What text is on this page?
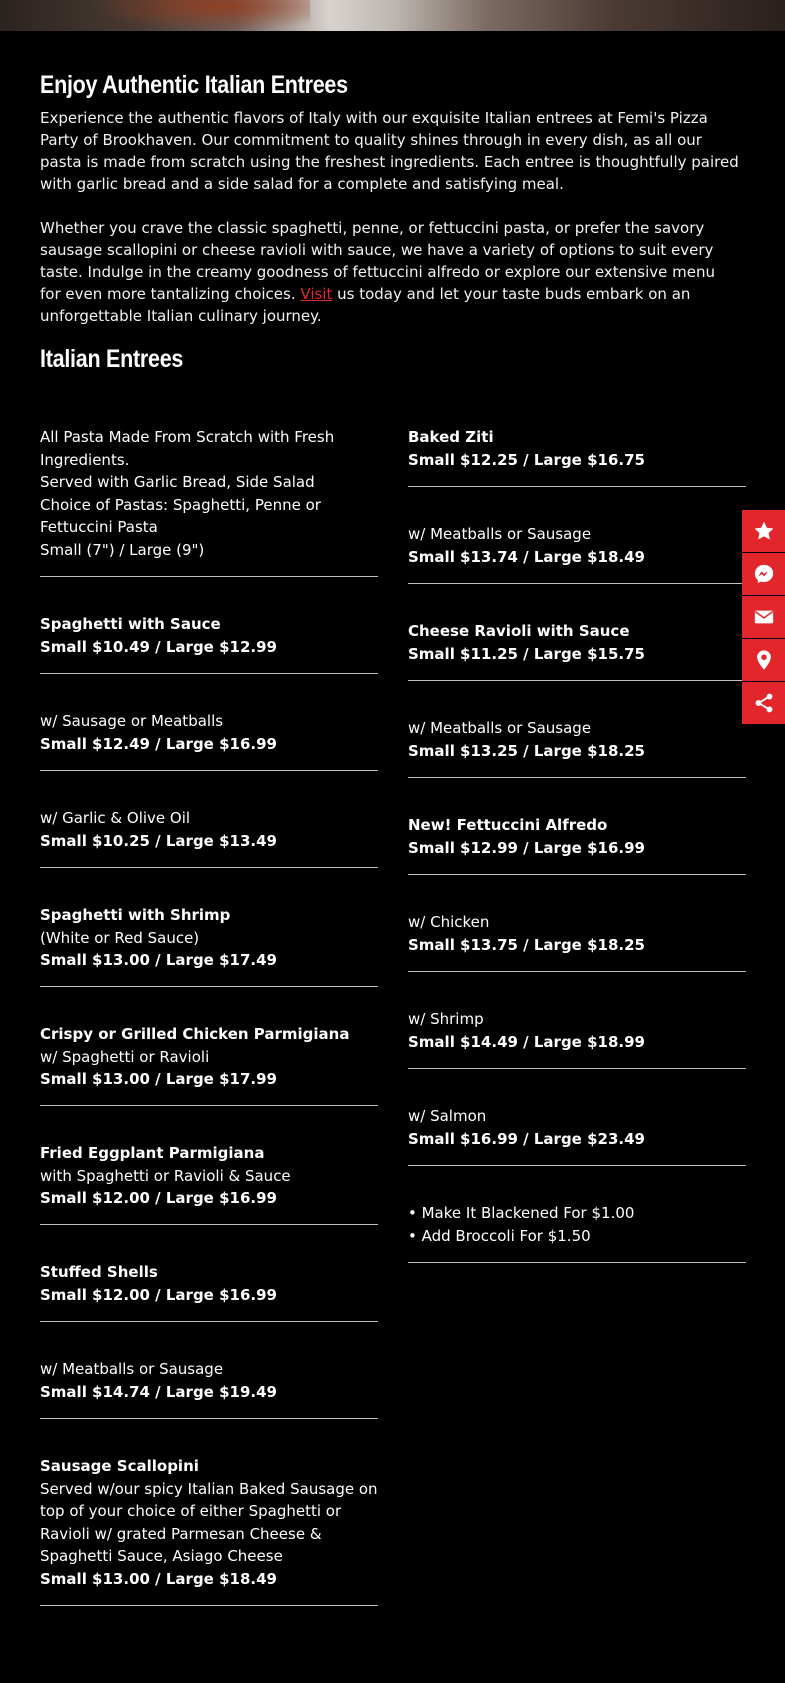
Enjoy Authentic Italian Entrees

Experience the authentic flavors of Italy with our exquisite Italian entrees at Femi's Pizza Party of Brookhaven. Our commitment to quality shines through in every dish, as all our pasta is made from scratch using the freshest ingredients. Each entree is thoughtfully paired with garlic bread and a side salad for a complete and satisfying meal.

Whether you crave the classic spaghetti, penne, or fettuccini pasta, or prefer the savory sausage scallopini or cheese ravioli with sauce, we have a variety of options to suit every taste. Indulge in the creamy goodness of fettuccini alfredo or explore our extensive menu for even more tantalizing choices. Visit us today and let your taste buds embark on an unforgettable Italian culinary journey.

Italian Entrees
All Pasta Made From Scratch with Fresh Ingredients.
Served with Garlic Bread, Side Salad
Choice of Pastas: Spaghetti, Penne or Fettuccini Pasta
Small (7") / Large (9")
Spaghetti with Sauce
Small $10.49 / Large $12.99
w/ Sausage or Meatballs
Small $12.49 / Large $16.99
w/ Garlic & Olive Oil
Small $10.25 / Large $13.49
Spaghetti with Shrimp
(White or Red Sauce)
Small $13.00 / Large $17.49
Crispy or Grilled Chicken Parmigiana
w/ Spaghetti or Ravioli
Small $13.00 / Large $17.99
Fried Eggplant Parmigiana
with Spaghetti or Ravioli & Sauce
Small $12.00 / Large $16.99
Stuffed Shells
Small $12.00 / Large $16.99
w/ Meatballs or Sausage
Small $14.74 / Large $19.49
Sausage Scallopini
Served w/our spicy Italian Baked Sausage on top of your choice of either Spaghetti or Ravioli w/ grated Parmesan Cheese & Spaghetti Sauce, Asiago Cheese
Small $13.00 / Large $18.49
Baked Ziti
Small $12.25 / Large $16.75
w/ Meatballs or Sausage
Small $13.74 / Large $18.49
Cheese Ravioli with Sauce
Small $11.25 / Large $15.75
w/ Meatballs or Sausage
Small $13.25 / Large $18.25
New! Fettuccini Alfredo
Small $12.99 / Large $16.99
w/ Chicken
Small $13.75 / Large $18.25
w/ Shrimp
Small $14.49 / Large $18.99
w/ Salmon
Small $16.99 / Large $23.49
• Make It Blackened For $1.00
• Add Broccoli For $1.50
